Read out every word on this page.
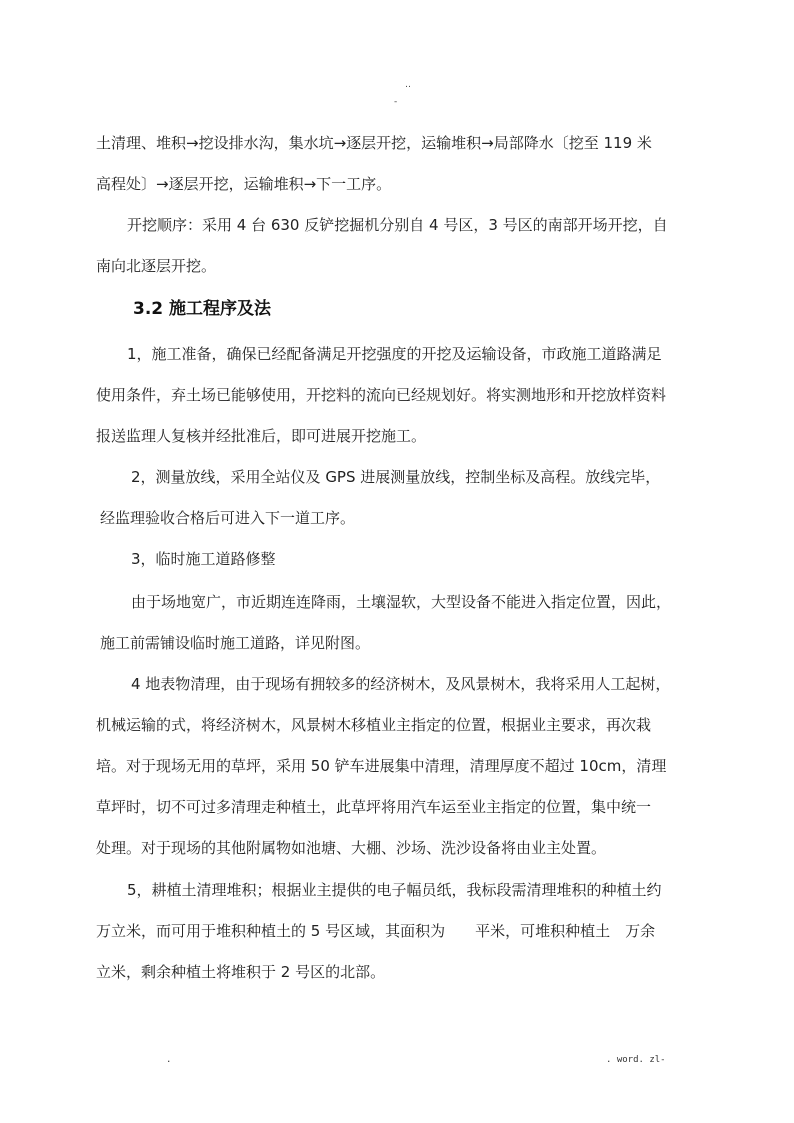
‥
-
土清理、堆积→挖设排水沟，集水坑→逐层开挖，运输堆积→局部降水〔挖至 119 米
高程处〕→逐层开挖，运输堆积→下一工序。
开挖顺序：采用 4 台 630 反铲挖掘机分别自 4 号区，3 号区的南部开场开挖，自
南向北逐层开挖。
3.2 施工程序及法
1，施工准备，确保已经配备满足开挖强度的开挖及运输设备，市政施工道路满足
使用条件，弃土场已能够使用，开挖料的流向已经规划好。将实测地形和开挖放样资料
报送监理人复核并经批准后，即可进展开挖施工。
2，测量放线，采用全站仪及 GPS 进展测量放线，控制坐标及高程。放线完毕，
经监理验收合格后可进入下一道工序。
3，临时施工道路修整
由于场地宽广，市近期连连降雨，土壤湿软，大型设备不能进入指定位置，因此，
施工前需铺设临时施工道路，详见附图。
4 地表物清理，由于现场有拥较多的经济树木，及风景树木，我将采用人工起树，
机械运输的式，将经济树木，风景树木移植业主指定的位置，根据业主要求，再次栽
培。对于现场无用的草坪，采用 50 铲车进展集中清理，清理厚度不超过 10cm，清理
草坪时，切不可过多清理走种植土，此草坪将用汽车运至业主指定的位置，集中统一
处理。对于现场的其他附属物如池塘、大棚、沙场、洗沙设备将由业主处置。
5，耕植土清理堆积；根据业主提供的电子幅员纸，我标段需清理堆积的种植土约
万立米，而可用于堆积种植土的 5 号区域，其面积为　　平米，可堆积种植土　万余
立米，剩余种植土将堆积于 2 号区的北部。
.	. word. zl-
